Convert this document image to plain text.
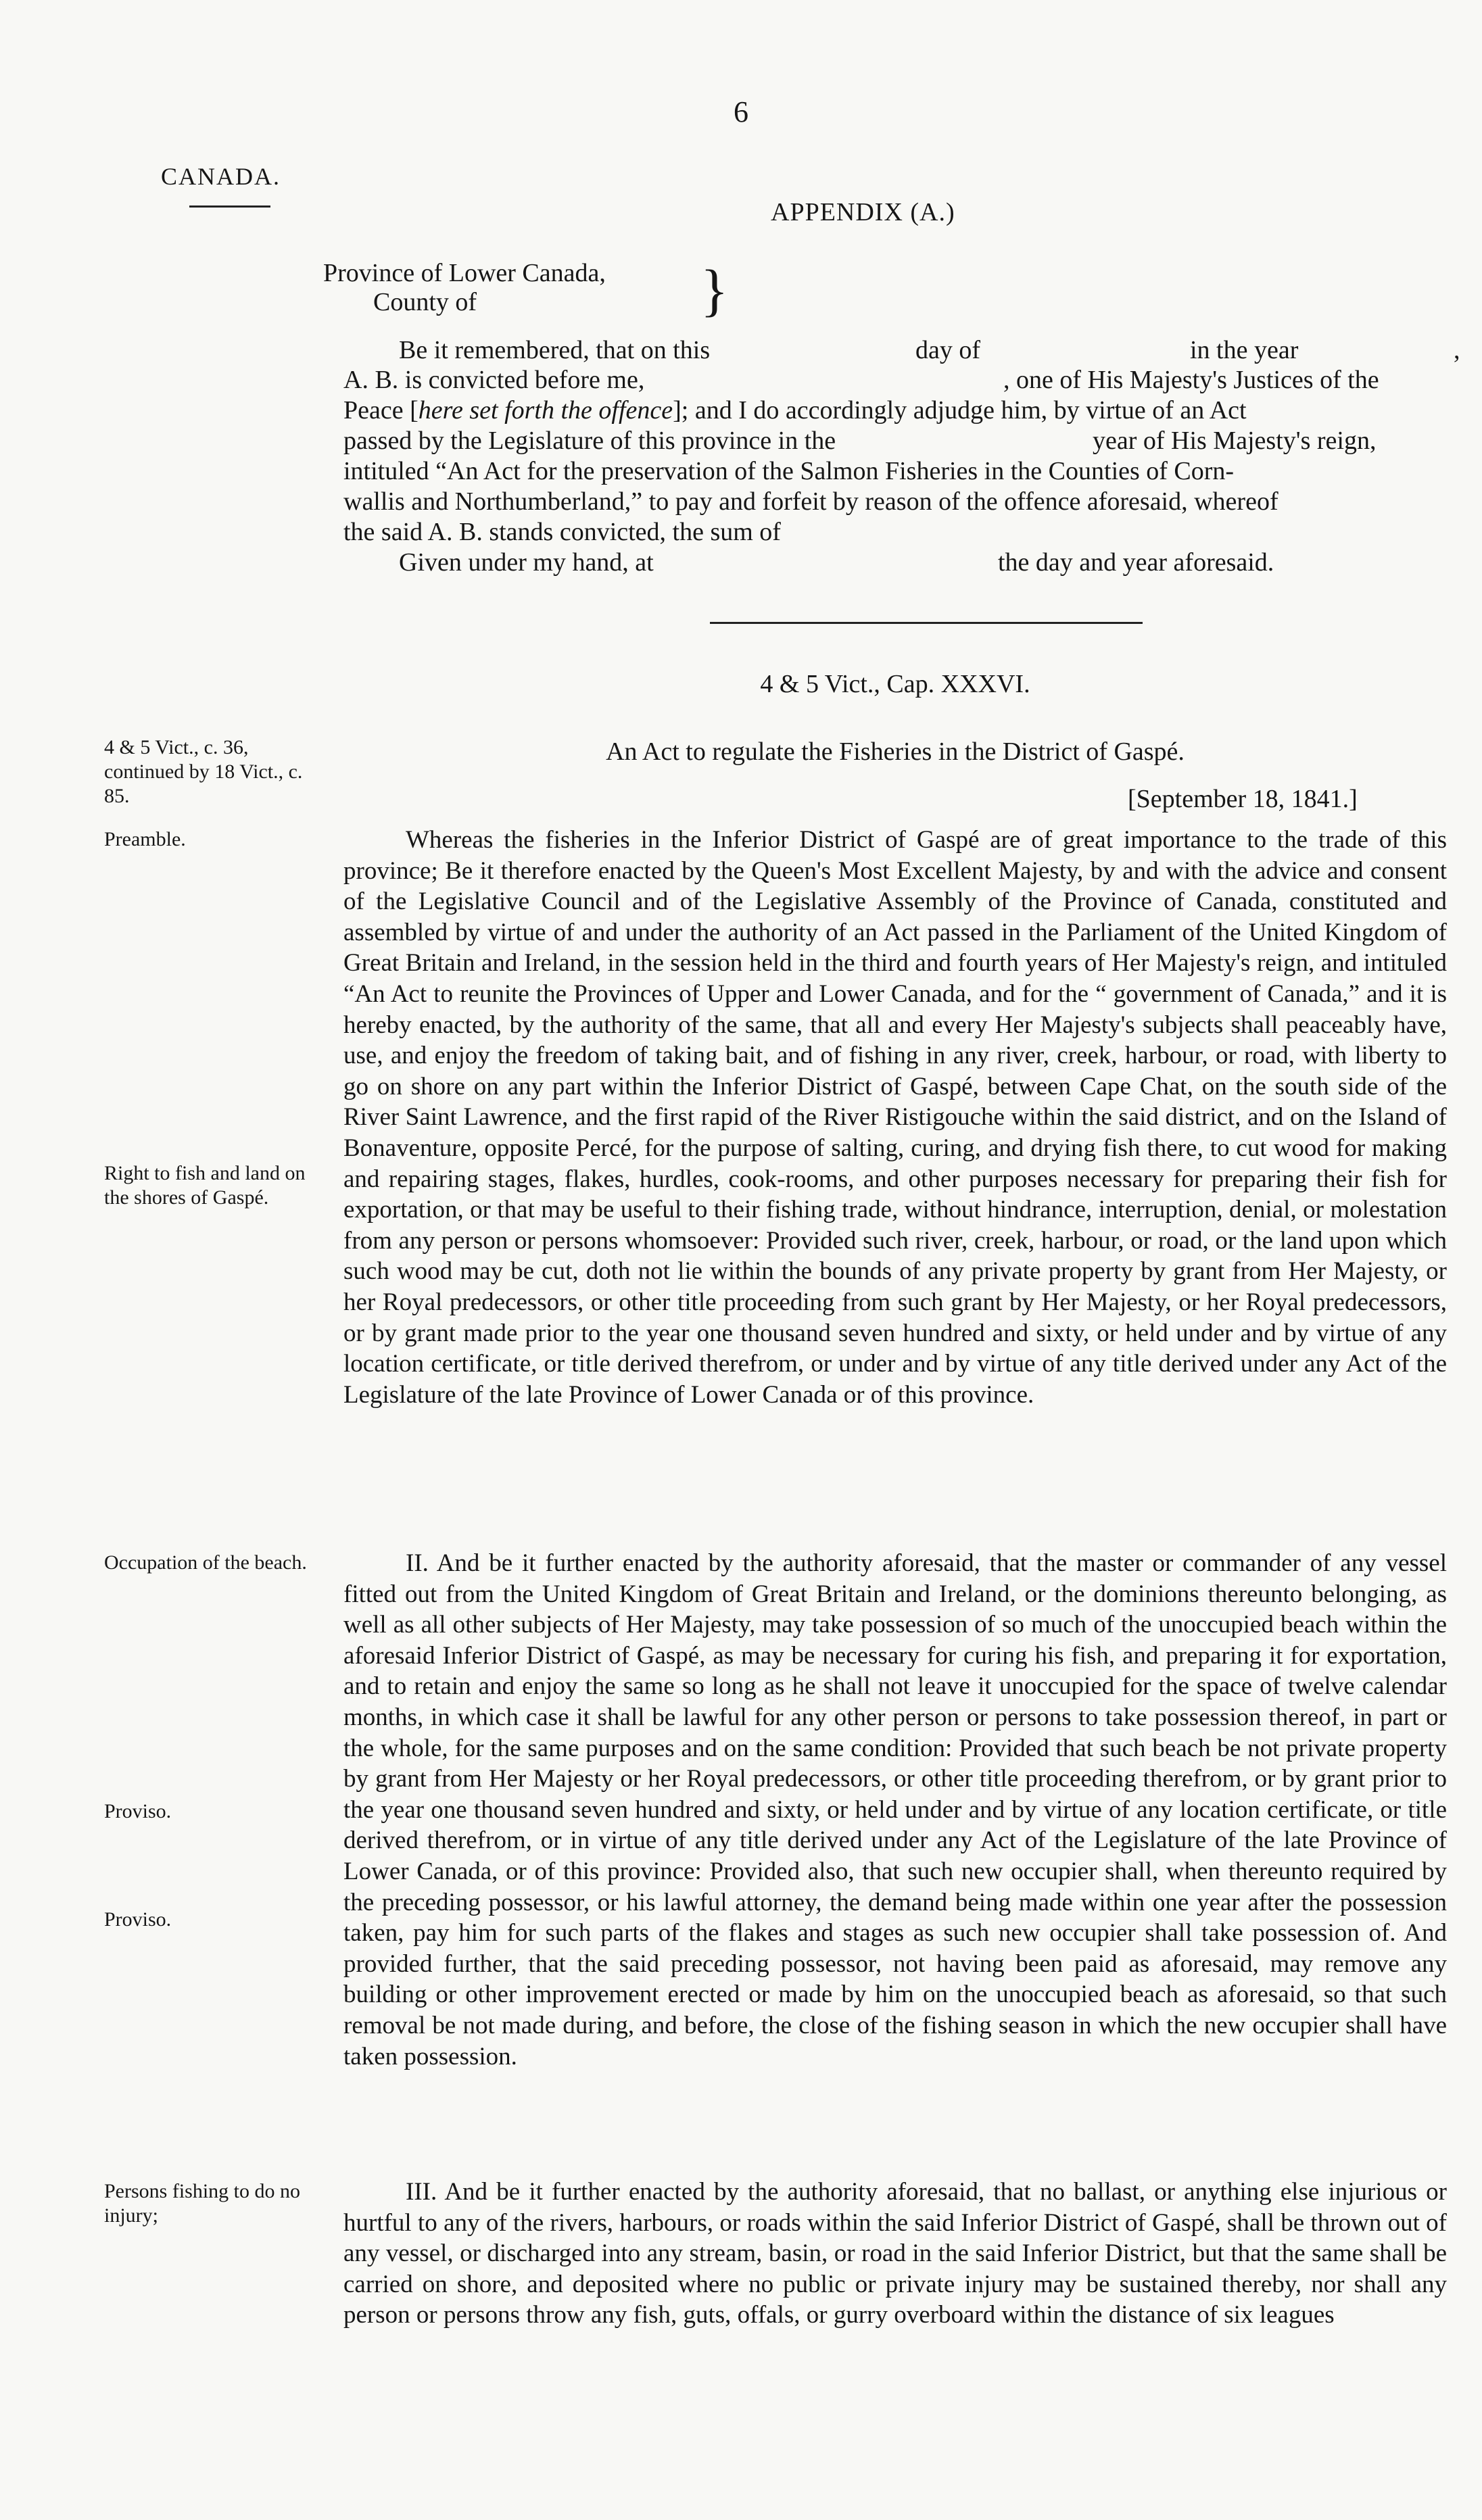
6
CANADA.
APPENDIX (A.)
Province of Lower Canada,
County of	}
Be it remembered, that on this	day of	in the year	,
A. B. is convicted before me,	, one of His Majesty's Justices of the
Peace [here set forth the offence]; and I do accordingly adjudge him, by virtue of an Act
passed by the Legislature of this province in the	year of His Majesty's reign,
intituled “An Act for the preservation of the Salmon Fisheries in the Counties of Corn-
wallis and Northumberland,” to pay and forfeit by reason of the offence aforesaid, whereof
the said A. B. stands convicted, the sum of
Given under my hand, at	the day and year aforesaid.
4 & 5 Vict., Cap. XXXVI.
An Act to regulate the Fisheries in the District of Gaspé.
[September 18, 1841.]
4 & 5 Vict., c. 36, continued by 18 Vict., c. 85.
Preamble.
Right to fish and land on the shores of Gaspé.
Occupation of the beach.
Proviso.
Proviso.
Persons fishing to do no injury;
Whereas the fisheries in the Inferior District of Gaspé are of great importance to the trade of this province; Be it therefore enacted by the Queen's Most Excellent Majesty, by and with the advice and consent of the Legislative Council and of the Legislative Assembly of the Province of Canada, constituted and assembled by virtue of and under the authority of an Act passed in the Parliament of the United Kingdom of Great Britain and Ireland, in the session held in the third and fourth years of Her Majesty's reign, and intituled “An Act to reunite the Provinces of Upper and Lower Canada, and for the “ government of Canada,” and it is hereby enacted, by the authority of the same, that all and every Her Majesty's subjects shall peaceably have, use, and enjoy the freedom of taking bait, and of fishing in any river, creek, harbour, or road, with liberty to go on shore on any part within the Inferior District of Gaspé, between Cape Chat, on the south side of the River Saint Lawrence, and the first rapid of the River Ristigouche within the said district, and on the Island of Bonaventure, opposite Percé, for the purpose of salting, curing, and drying fish there, to cut wood for making and repairing stages, flakes, hurdles, cook-rooms, and other purposes necessary for preparing their fish for exportation, or that may be useful to their fishing trade, without hindrance, interruption, denial, or molestation from any person or persons whomsoever: Provided such river, creek, harbour, or road, or the land upon which such wood may be cut, doth not lie within the bounds of any private property by grant from Her Majesty, or her Royal predecessors, or other title proceeding from such grant by Her Majesty, or her Royal predecessors, or by grant made prior to the year one thousand seven hundred and sixty, or held under and by virtue of any location certificate, or title derived therefrom, or under and by virtue of any title derived under any Act of the Legislature of the late Province of Lower Canada or of this province.
II. And be it further enacted by the authority aforesaid, that the master or commander of any vessel fitted out from the United Kingdom of Great Britain and Ireland, or the dominions thereunto belonging, as well as all other subjects of Her Majesty, may take possession of so much of the unoccupied beach within the aforesaid Inferior District of Gaspé, as may be necessary for curing his fish, and preparing it for exportation, and to retain and enjoy the same so long as he shall not leave it unoccupied for the space of twelve calendar months, in which case it shall be lawful for any other person or persons to take possession thereof, in part or the whole, for the same purposes and on the same condition: Provided that such beach be not private property by grant from Her Majesty or her Royal predecessors, or other title proceeding therefrom, or by grant prior to the year one thousand seven hundred and sixty, or held under and by virtue of any location certificate, or title derived therefrom, or in virtue of any title derived under any Act of the Legislature of the late Province of Lower Canada, or of this province: Provided also, that such new occupier shall, when thereunto required by the preceding possessor, or his lawful attorney, the demand being made within one year after the possession taken, pay him for such parts of the flakes and stages as such new occupier shall take possession of. And provided further, that the said preceding possessor, not having been paid as aforesaid, may remove any building or other improvement erected or made by him on the unoccupied beach as aforesaid, so that such removal be not made during, and before, the close of the fishing season in which the new occupier shall have taken possession.
III. And be it further enacted by the authority aforesaid, that no ballast, or anything else injurious or hurtful to any of the rivers, harbours, or roads within the said Inferior District of Gaspé, shall be thrown out of any vessel, or discharged into any stream, basin, or road in the said Inferior District, but that the same shall be carried on shore, and deposited where no public or private injury may be sustained thereby, nor shall any person or persons throw any fish, guts, offals, or gurry overboard within the distance of six leagues
